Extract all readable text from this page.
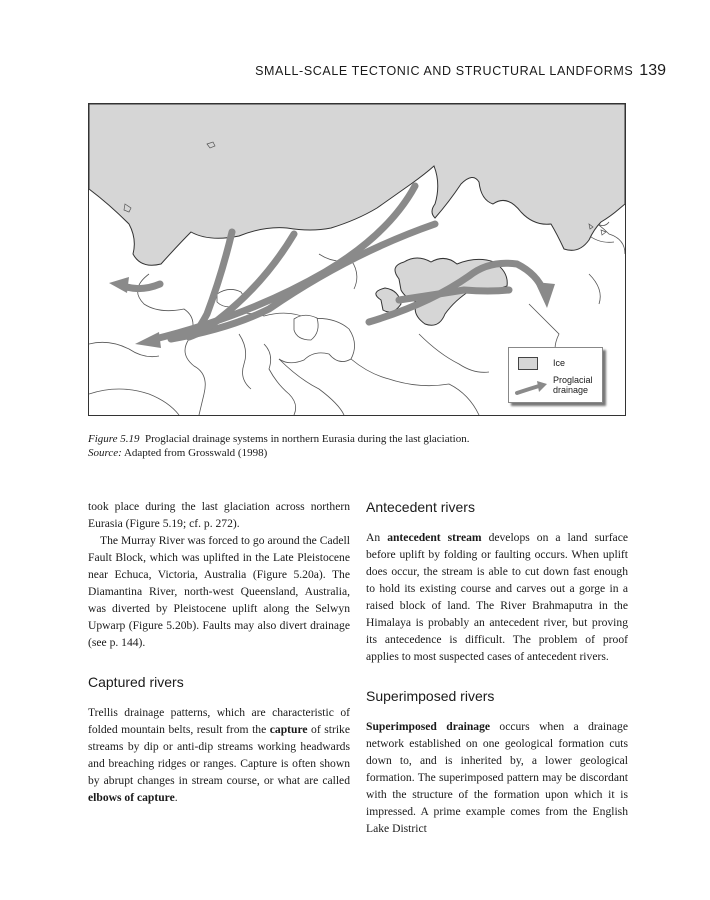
SMALL-SCALE TECTONIC AND STRUCTURAL LANDFORMS 139
Ice
Proglacial drainage
Figure 5.19 Proglacial drainage systems in northern Eurasia during the last glaciation.
Source: Adapted from Grosswald (1998)

took place during the last glaciation across northern Eurasia (Figure 5.19; cf. p. 272).

The Murray River was forced to go around the Cadell Fault Block, which was uplifted in the Late Pleistocene near Echuca, Victoria, Australia (Figure 5.20a). The Diamantina River, north-west Queensland, Australia, was diverted by Pleistocene uplift along the Selwyn Upwarp (Figure 5.20b). Faults may also divert drainage (see p. 144).

Captured rivers

Trellis drainage patterns, which are characteristic of folded mountain belts, result from the capture of strike streams by dip or anti-dip streams working headwards and breaching ridges or ranges. Capture is often shown by abrupt changes in stream course, or what are called elbows of capture.

Antecedent rivers

An antecedent stream develops on a land surface before uplift by folding or faulting occurs. When uplift does occur, the stream is able to cut down fast enough to hold its existing course and carves out a gorge in a raised block of land. The River Brahmaputra in the Himalaya is probably an antecedent river, but proving its antecedence is difficult. The problem of proof applies to most suspected cases of antecedent rivers.

Superimposed rivers

Superimposed drainage occurs when a drainage network established on one geological formation cuts down to, and is inherited by, a lower geological formation. The superimposed pattern may be discordant with the structure of the formation upon which it is impressed. A prime example comes from the English Lake District
